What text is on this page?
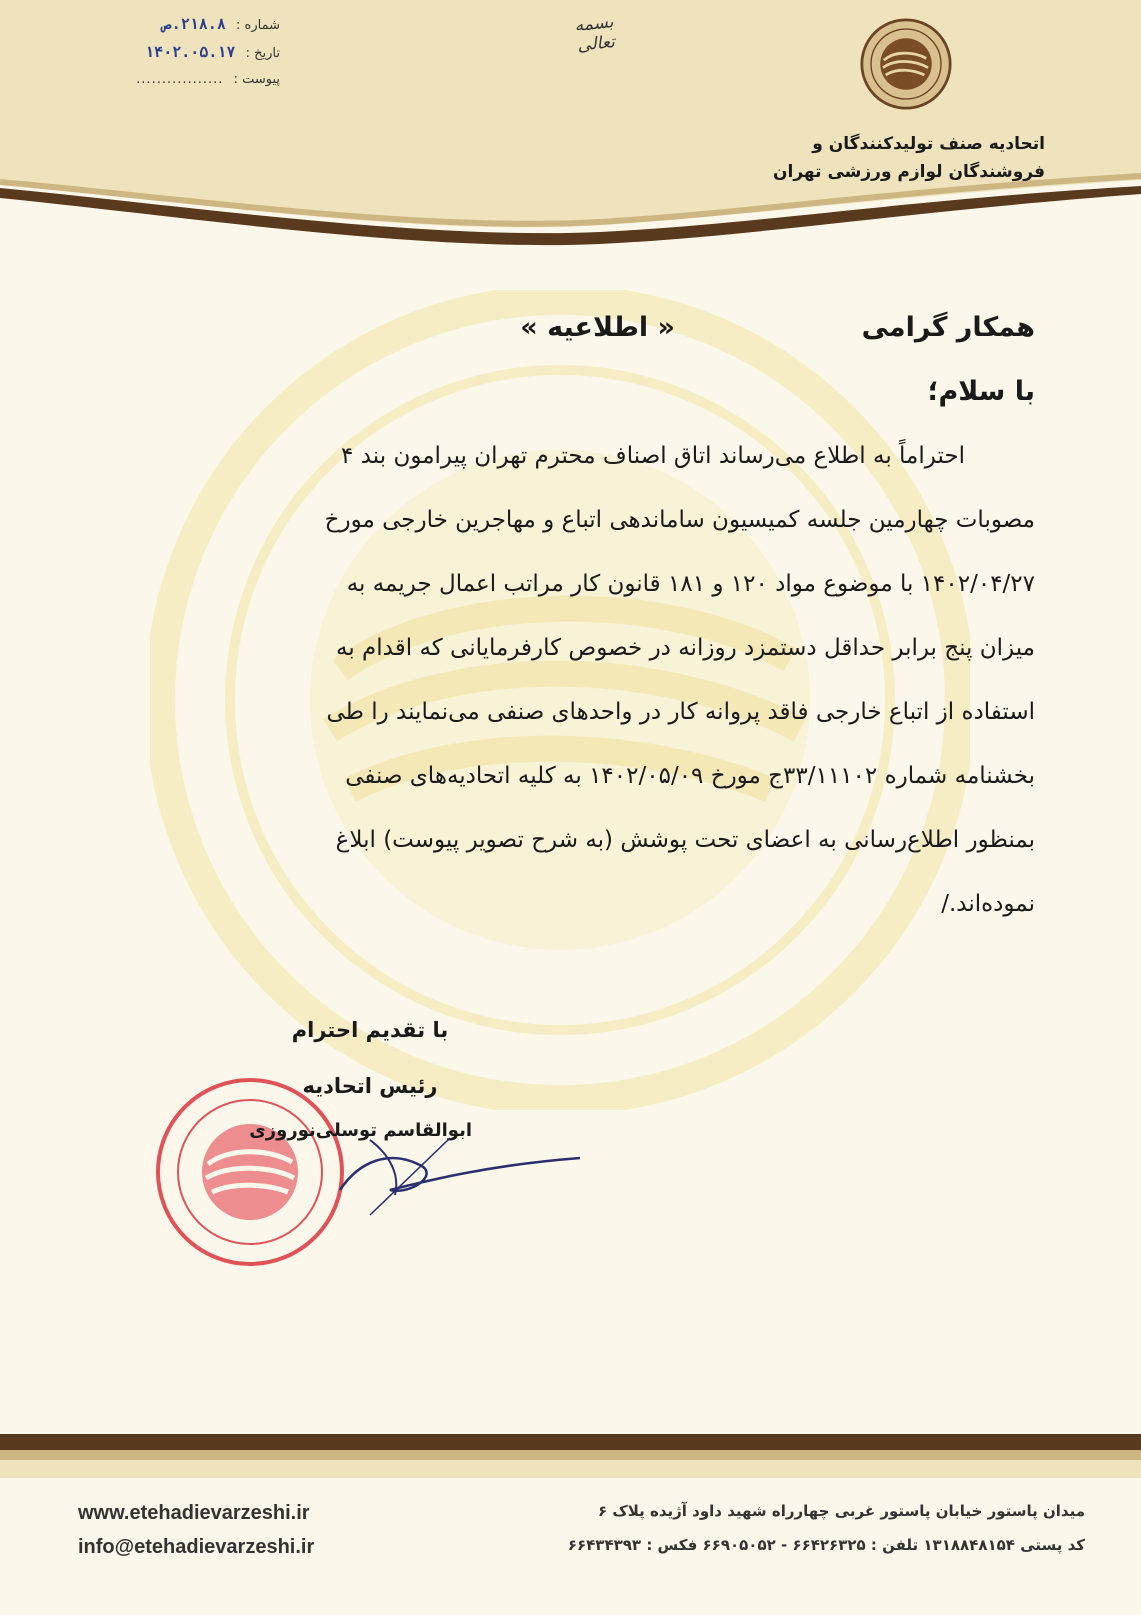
اتحادیه صنف تولیدکنندگان و
فروشندگان لوازم ورزشی تهران
بسمه تعالی
شماره : ۲۱۸.۸.ص
تاریخ : ۱۴۰۲.۰۵.۱۷
پیوست : .................
همکار گرامی
« اطلاعیه »
با سلام؛
احتراماً به اطلاع می‌رساند اتاق اصناف محترم تهران پیرامون بند ۴
مصوبات چهارمین جلسه کمیسیون ساماندهی اتباع و مهاجرین خارجی مورخ
۱۴۰۲/۰۴/۲۷ با موضوع مواد ۱۲۰ و ۱۸۱ قانون کار مراتب اعمال جریمه به
میزان پنج برابر حداقل دستمزد روزانه در خصوص کارفرمایانی که اقدام به
استفاده از اتباع خارجی فاقد پروانه کار در واحدهای صنفی می‌نمایند را طی
بخشنامه شماره ۳۳/۱۱۱۰۲ج مورخ ۱۴۰۲/۰۵/۰۹ به کلیه اتحادیه‌های صنفی
بمنظور اطلاع‌رسانی به اعضای تحت پوشش (به شرح تصویر پیوست) ابلاغ
نموده‌اند./
با تقدیم احترام
رئیس اتحادیه
ابوالقاسم توسلی‌نوروزی
www.etehadievarzeshi.ir
info@etehadievarzeshi.ir
میدان پاستور خیابان پاستور غربی چهارراه شهید داود آژیده پلاک ۶
کد پستی ۱۳۱۸۸۴۸۱۵۴ تلفن : ۶۶۴۲۶۳۲۵ - ۶۶۹۰۵۰۵۲ فکس : ۶۶۴۳۴۳۹۳
